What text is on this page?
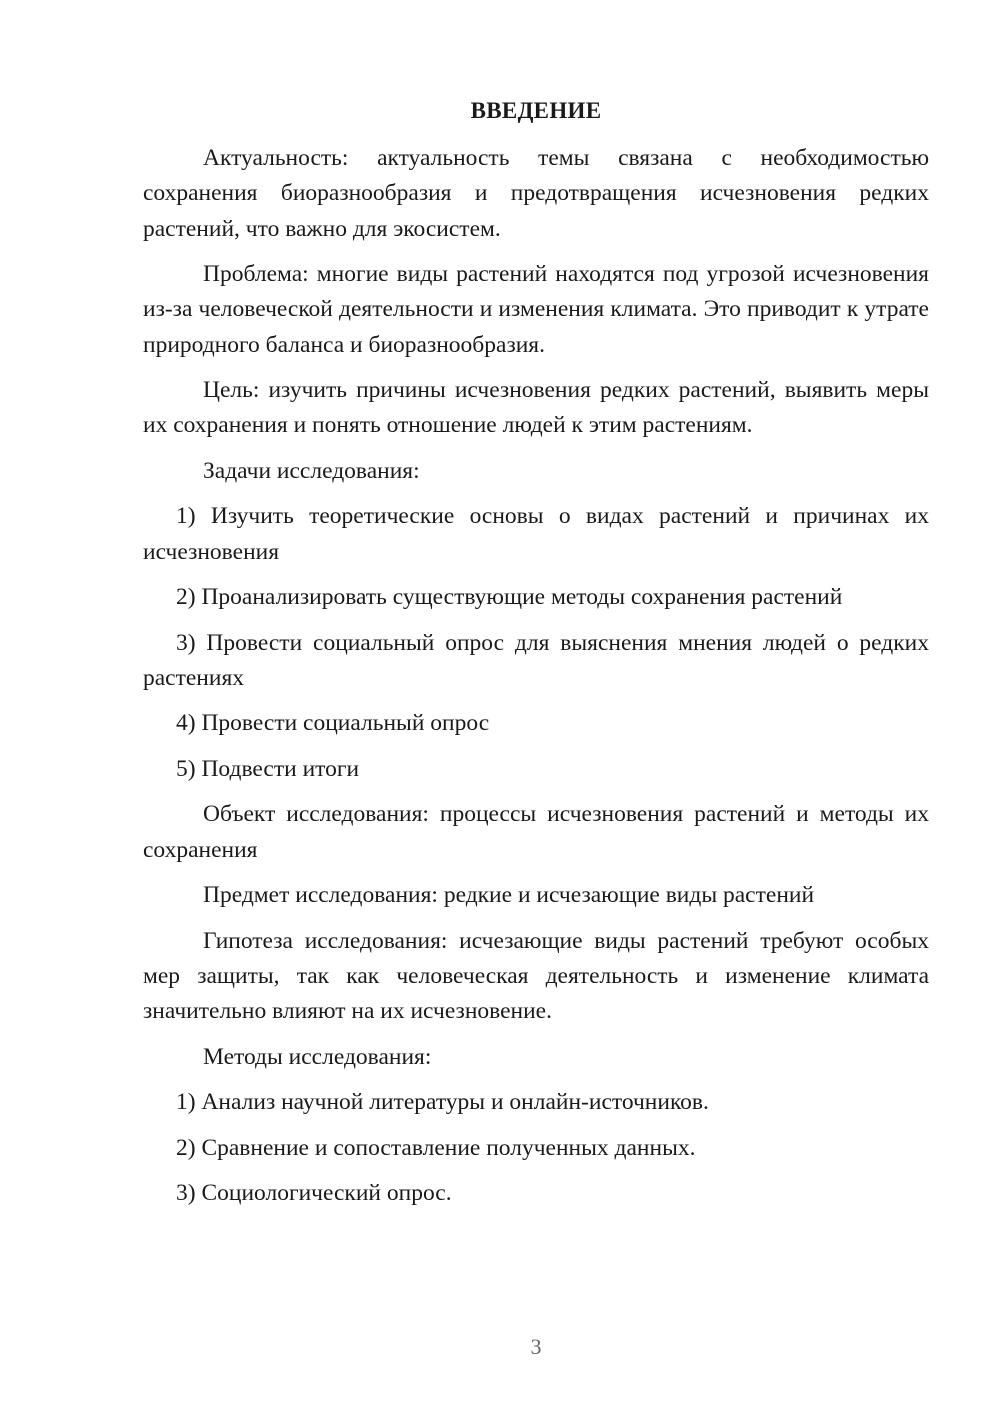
ВВЕДЕНИЕ

Актуальность: актуальность темы связана с необходимостью сохранения биоразнообразия и предотвращения исчезновения редких растений, что важно для экосистем.

Проблема: многие виды растений находятся под угрозой исчезновения из-за человеческой деятельности и изменения климата. Это приводит к утрате природного баланса и биоразнообразия.

Цель: изучить причины исчезновения редких растений, выявить меры их сохранения и понять отношение людей к этим растениям.

Задачи исследования:

1) Изучить теоретические основы о видах растений и причинах их исчезновения

2) Проанализировать существующие методы сохранения растений

3) Провести социальный опрос для выяснения мнения людей о редких растениях

4) Провести социальный опрос

5) Подвести итоги

Объект исследования: процессы исчезновения растений и методы их сохранения

Предмет исследования: редкие и исчезающие виды растений

Гипотеза исследования: исчезающие виды растений требуют особых мер защиты, так как человеческая деятельность и изменение климата значительно влияют на их исчезновение.

Методы исследования:

1) Анализ научной литературы и онлайн-источников.

2) Сравнение и сопоставление полученных данных.

3) Социологический опрос.

3
